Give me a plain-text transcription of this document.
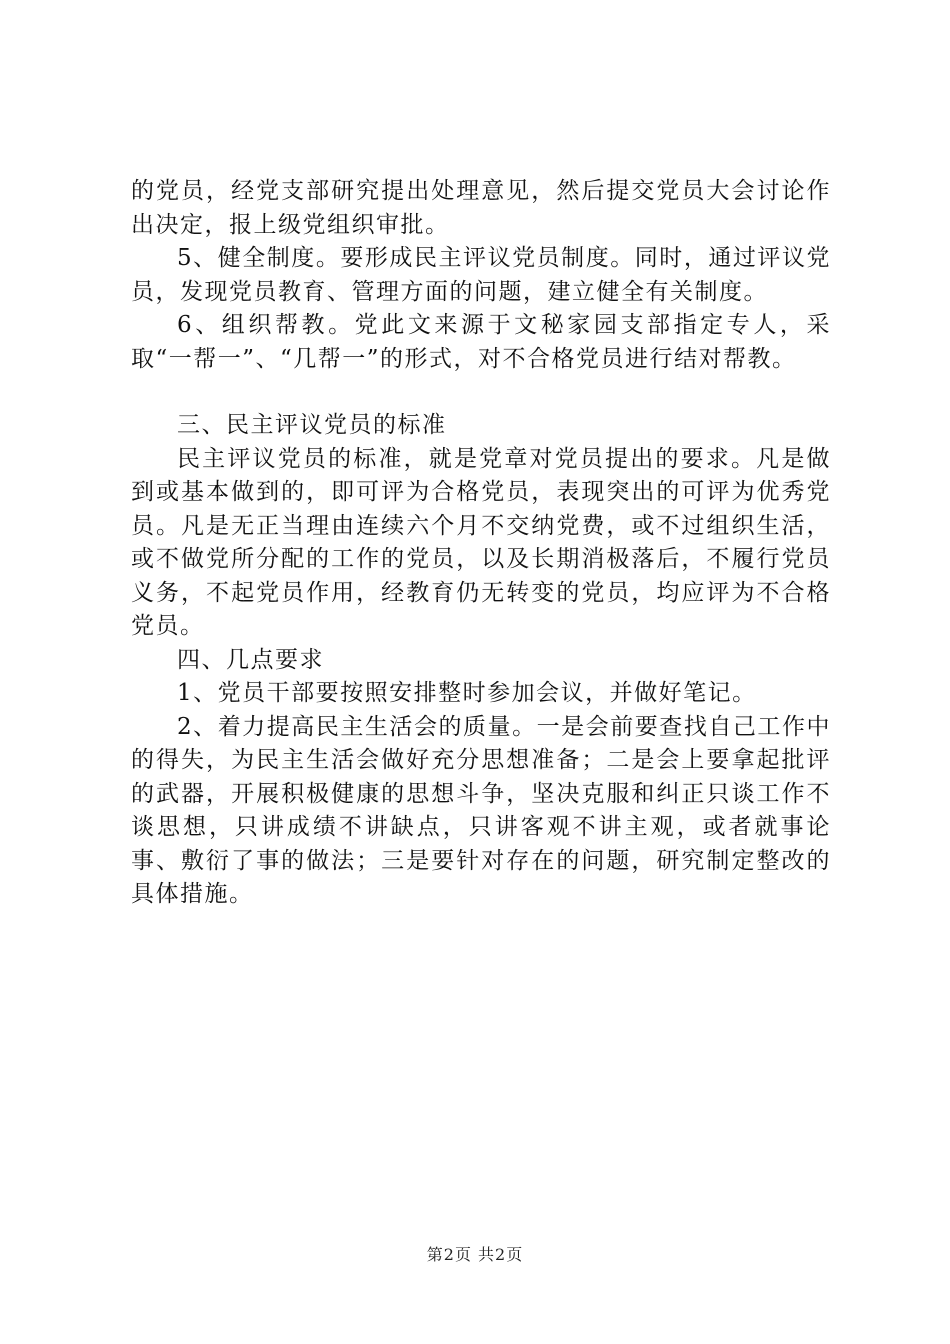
的党员，经党支部研究提出处理意见，然后提交党员大会讨论作出决定，报上级党组织审批。

5、健全制度。要形成民主评议党员制度。同时，通过评议党员，发现党员教育、管理方面的问题，建立健全有关制度。

6、组织帮教。党此文来源于文秘家园支部指定专人，采取“一帮一”、“几帮一”的形式，对不合格党员进行结对帮教。

三、民主评议党员的标准

民主评议党员的标准，就是党章对党员提出的要求。凡是做到或基本做到的，即可评为合格党员，表现突出的可评为优秀党员。凡是无正当理由连续六个月不交纳党费，或不过组织生活，或不做党所分配的工作的党员，以及长期消极落后，不履行党员义务，不起党员作用，经教育仍无转变的党员，均应评为不合格党员。

四、几点要求

1、党员干部要按照安排整时参加会议，并做好笔记。

2、着力提高民主生活会的质量。一是会前要查找自己工作中的得失，为民主生活会做好充分思想准备；二是会上要拿起批评的武器，开展积极健康的思想斗争，坚决克服和纠正只谈工作不谈思想，只讲成绩不讲缺点，只讲客观不讲主观，或者就事论事、敷衍了事的做法；三是要针对存在的问题，研究制定整改的具体措施。

第2页 共2页
